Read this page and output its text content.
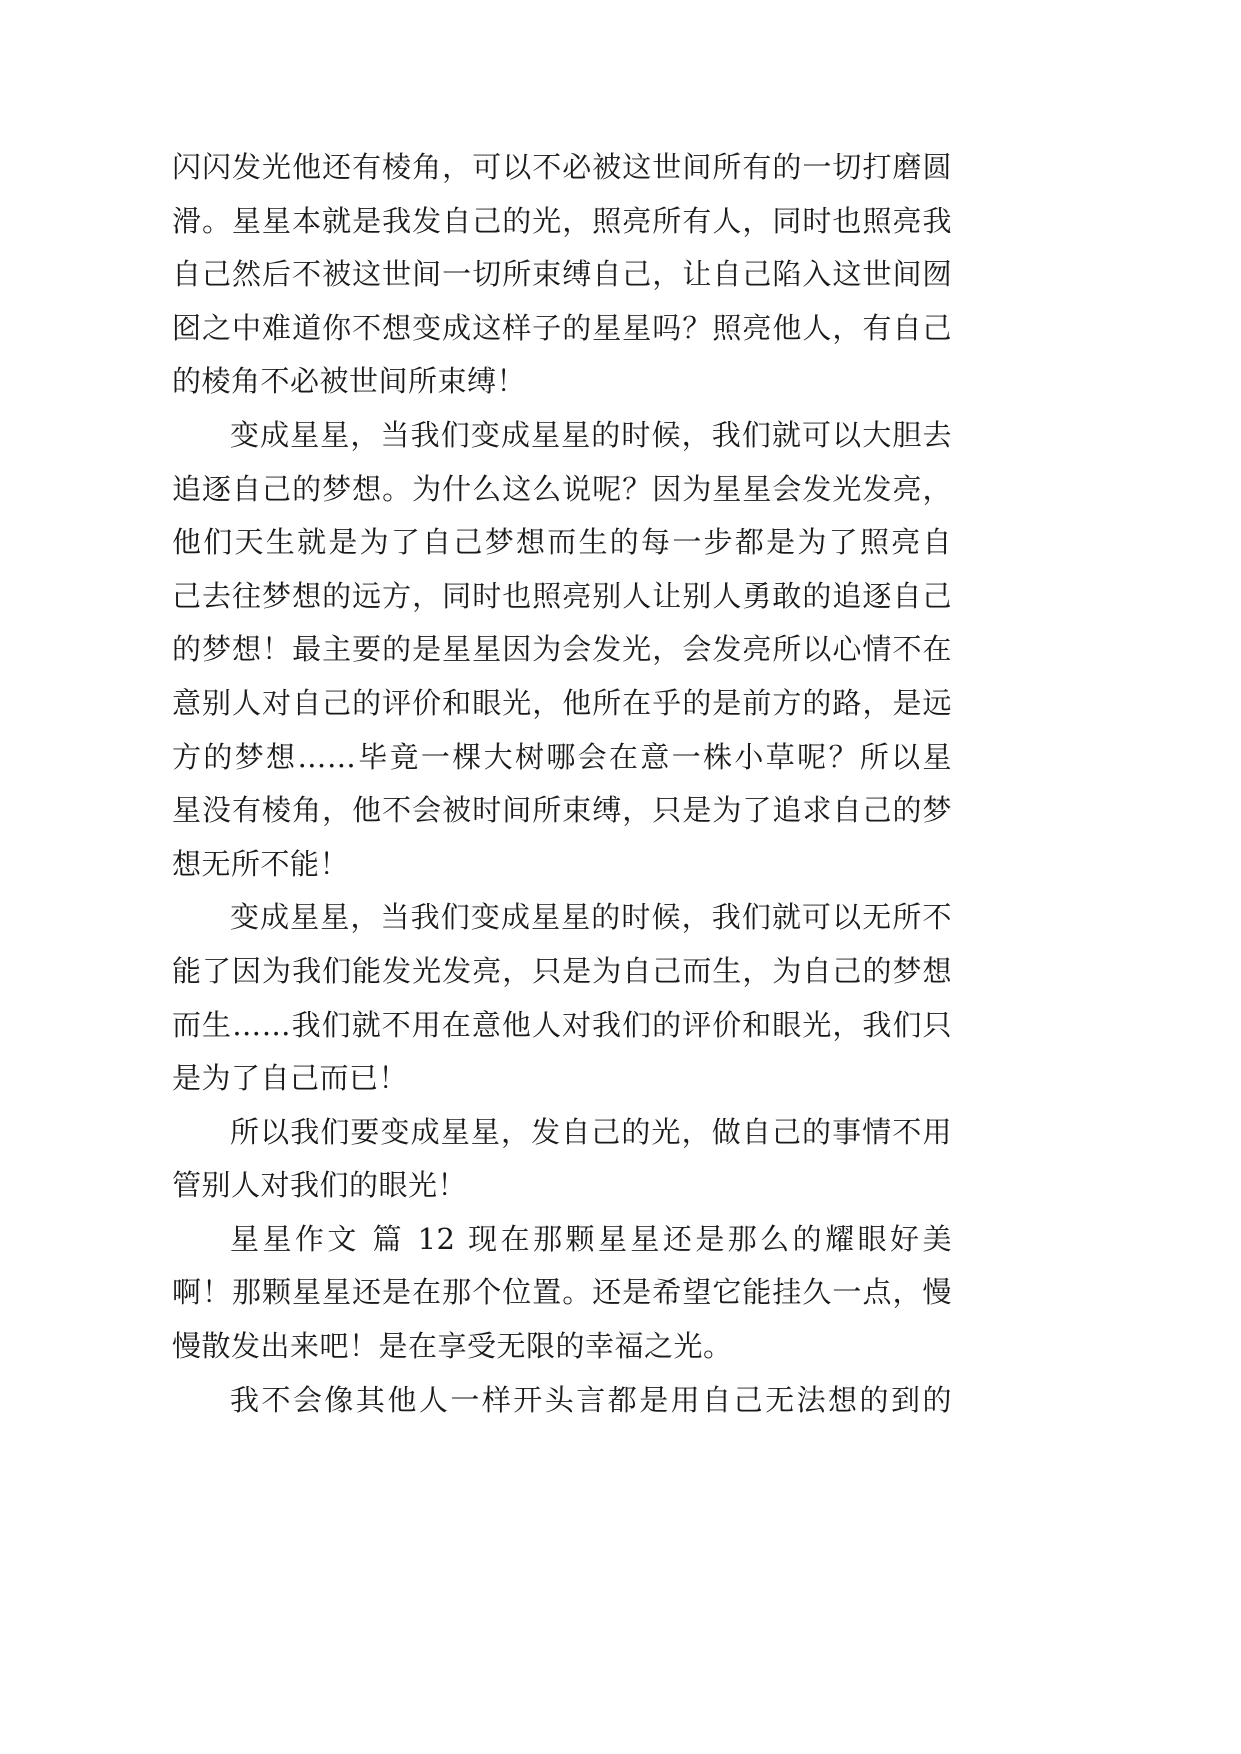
闪闪发光他还有棱角，可以不必被这世间所有的一切打磨圆
滑。星星本就是我发自己的光，照亮所有人，同时也照亮我
自己然后不被这世间一切所束缚自己，让自己陷入这世间囫
囵之中难道你不想变成这样子的星星吗？照亮他人，有自己
的棱角不必被世间所束缚！
变成星星，当我们变成星星的时候，我们就可以大胆去
追逐自己的梦想。为什么这么说呢？因为星星会发光发亮，
他们天生就是为了自己梦想而生的每一步都是为了照亮自
己去往梦想的远方，同时也照亮别人让别人勇敢的追逐自己
的梦想！最主要的是星星因为会发光，会发亮所以心情不在
意别人对自己的评价和眼光，他所在乎的是前方的路，是远
方的梦想……毕竟一棵大树哪会在意一株小草呢？所以星
星没有棱角，他不会被时间所束缚，只是为了追求自己的梦
想无所不能！
变成星星，当我们变成星星的时候，我们就可以无所不
能了因为我们能发光发亮，只是为自己而生，为自己的梦想
而生……我们就不用在意他人对我们的评价和眼光，我们只
是为了自己而已！
所以我们要变成星星，发自己的光，做自己的事情不用
管别人对我们的眼光！
星星作文 篇 12 现在那颗星星还是那么的耀眼好美
啊！那颗星星还是在那个位置。还是希望它能挂久一点，慢
慢散发出来吧！是在享受无限的幸福之光。
我不会像其他人一样开头言都是用自己无法想的到的
